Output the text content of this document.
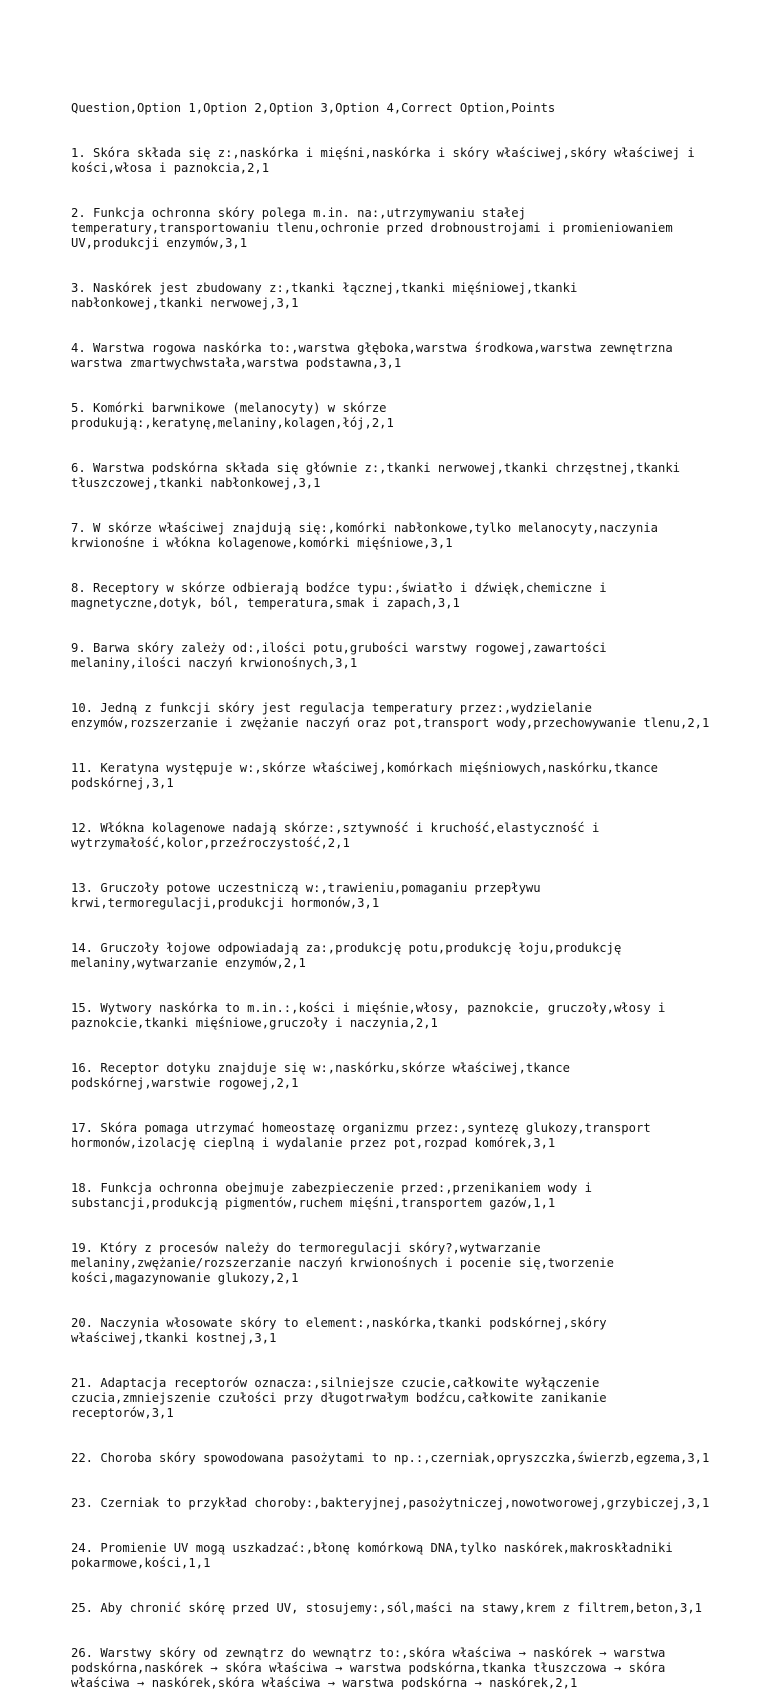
Question,Option 1,Option 2,Option 3,Option 4,Correct Option,Points

1. Skóra składa się z:,naskórka i mięśni,naskórka i skóry właściwej,skóry właściwej i kości,włosa i paznokcia,2,1

2. Funkcja ochronna skóry polega m.in. na:,utrzymywaniu stałej temperatury,transportowaniu tlenu,ochronie przed drobnoustrojami i promieniowaniem UV,produkcji enzymów,3,1

3. Naskórek jest zbudowany z:,tkanki łącznej,tkanki mięśniowej,tkanki nabłonkowej,tkanki nerwowej,3,1

4. Warstwa rogowa naskórka to:,warstwa głęboka,warstwa środkowa,warstwa zewnętrzna warstwa zmartwychwstała,warstwa podstawna,3,1

5. Komórki barwnikowe (melanocyty) w skórze produkują:,keratynę,melaniny,kolagen,łój,2,1

6. Warstwa podskórna składa się głównie z:,tkanki nerwowej,tkanki chrzęstnej,tkanki tłuszczowej,tkanki nabłonkowej,3,1

7. W skórze właściwej znajdują się:,komórki nabłonkowe,tylko melanocyty,naczynia krwionośne i włókna kolagenowe,komórki mięśniowe,3,1

8. Receptory w skórze odbierają bodźce typu:,światło i dźwięk,chemiczne i magnetyczne,dotyk, ból, temperatura,smak i zapach,3,1

9. Barwa skóry zależy od:,ilości potu,grubości warstwy rogowej,zawartości melaniny,ilości naczyń krwionośnych,3,1

10. Jedną z funkcji skóry jest regulacja temperatury przez:,wydzielanie enzymów,rozszerzanie i zwężanie naczyń oraz pot,transport wody,przechowywanie tlenu,2,1

11. Keratyna występuje w:,skórze właściwej,komórkach mięśniowych,naskórku,tkance podskórnej,3,1

12. Włókna kolagenowe nadają skórze:,sztywność i kruchość,elastyczność i wytrzymałość,kolor,przeźroczystość,2,1

13. Gruczoły potowe uczestniczą w:,trawieniu,pomaganiu przepływu krwi,termoregulacji,produkcji hormonów,3,1

14. Gruczoły łojowe odpowiadają za:,produkcję potu,produkcję łoju,produkcję melaniny,wytwarzanie enzymów,2,1

15. Wytwory naskórka to m.in.:,kości i mięśnie,włosy, paznokcie, gruczoły,włosy i paznokcie,tkanki mięśniowe,gruczoły i naczynia,2,1

16. Receptor dotyku znajduje się w:,naskórku,skórze właściwej,tkance podskórnej,warstwie rogowej,2,1

17. Skóra pomaga utrzymać homeostazę organizmu przez:,syntezę glukozy,transport hormonów,izolację cieplną i wydalanie przez pot,rozpad komórek,3,1

18. Funkcja ochronna obejmuje zabezpieczenie przed:,przenikaniem wody i substancji,produkcją pigmentów,ruchem mięśni,transportem gazów,1,1

19. Który z procesów należy do termoregulacji skóry?,wytwarzanie melaniny,zwężanie/rozszerzanie naczyń krwionośnych i pocenie się,tworzenie kości,magazynowanie glukozy,2,1

20. Naczynia włosowate skóry to element:,naskórka,tkanki podskórnej,skóry właściwej,tkanki kostnej,3,1

21. Adaptacja receptorów oznacza:,silniejsze czucie,całkowite wyłączenie czucia,zmniejszenie czułości przy długotrwałym bodźcu,całkowite zanikanie receptorów,3,1

22. Choroba skóry spowodowana pasożytami to np.:,czerniak,opryszczka,świerzb,egzema,3,1

23. Czerniak to przykład choroby:,bakteryjnej,pasożytniczej,nowotworowej,grzybiczej,3,1

24. Promienie UV mogą uszkadzać:,błonę komórkową DNA,tylko naskórek,makroskładniki pokarmowe,kości,1,1

25. Aby chronić skórę przed UV, stosujemy:,sól,maści na stawy,krem z filtrem,beton,3,1

26. Warstwy skóry od zewnątrz do wewnątrz to:,skóra właściwa → naskórek → warstwa podskórna,naskórek → skóra właściwa → warstwa podskórna,tkanka tłuszczowa → skóra właściwa → naskórek,skóra właściwa → warstwa podskórna → naskórek,2,1
